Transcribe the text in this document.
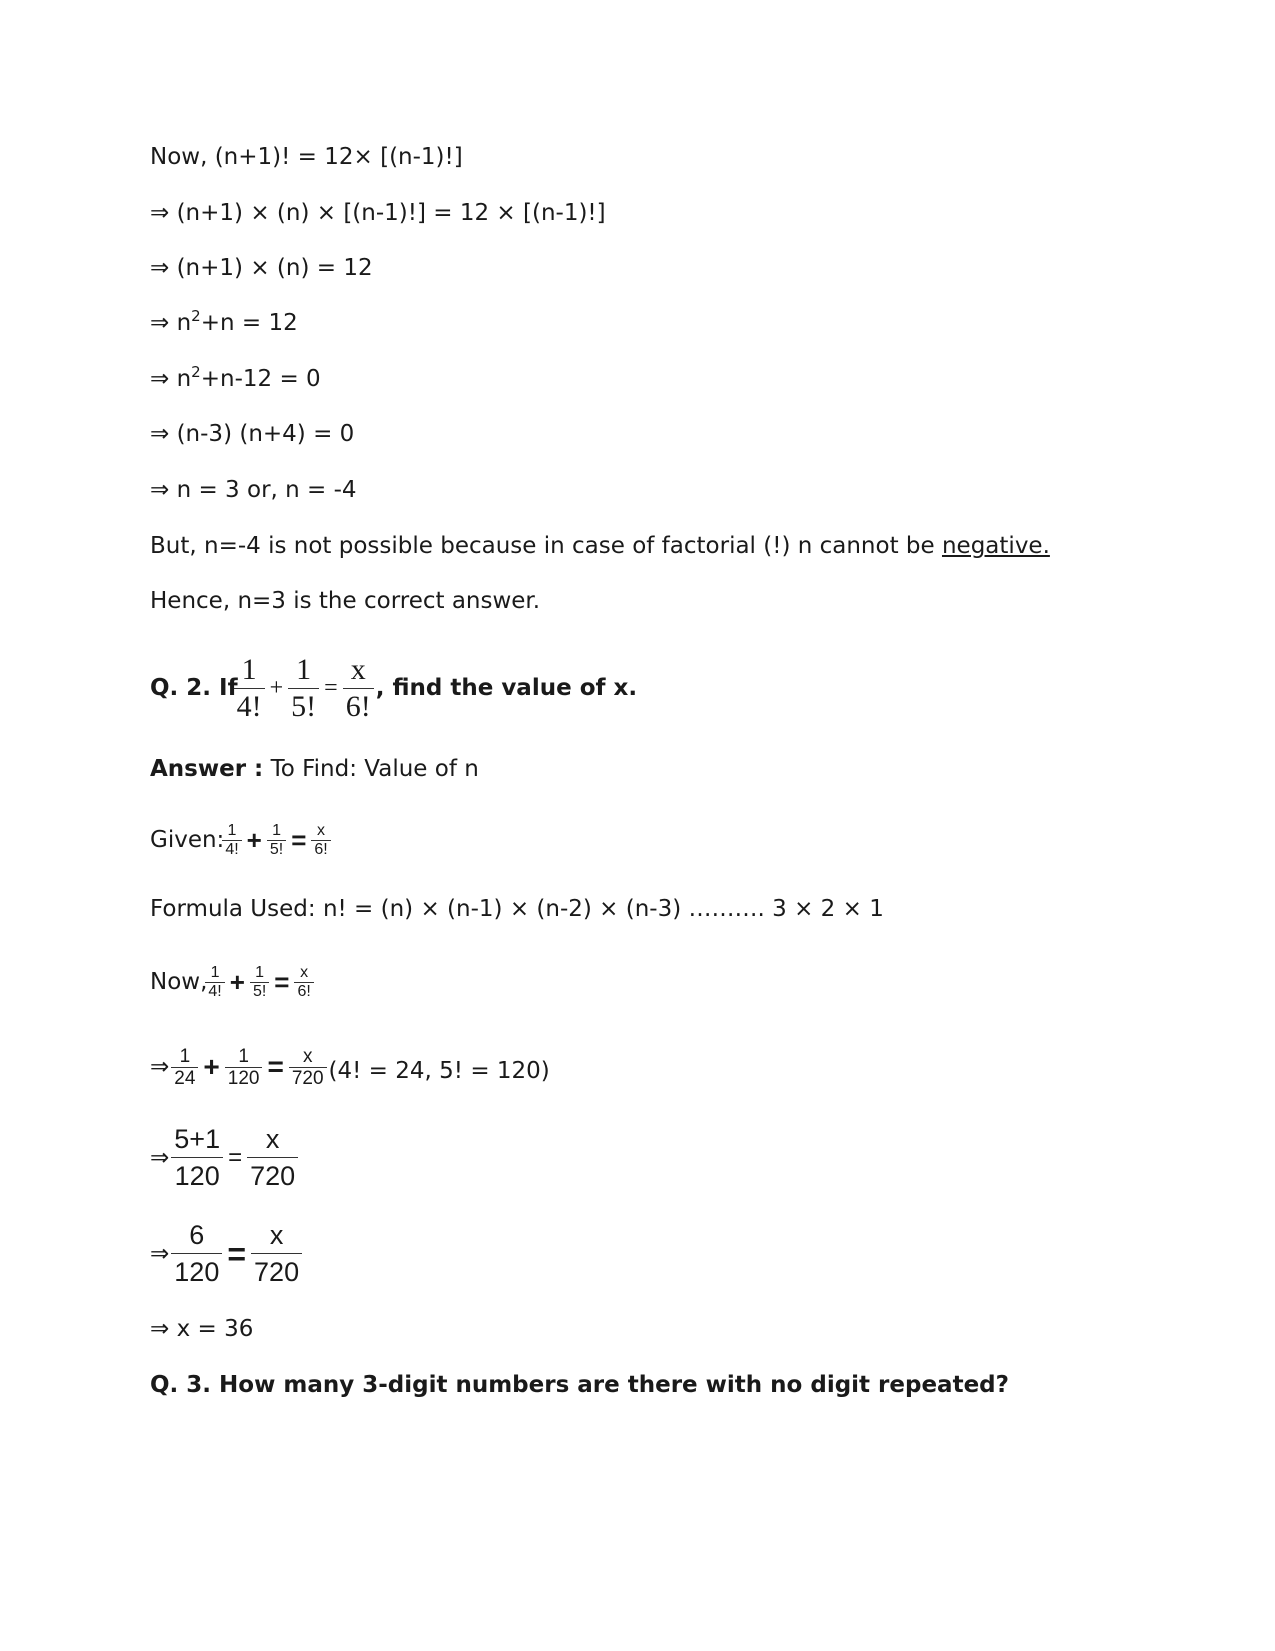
Now, (n+1)! = 12× [(n-1)!]
⇒ (n+1) × (n) × [(n-1)!] = 12 × [(n-1)!]
⇒ (n+1) × (n) = 12
⇒ $n^2+n = 12$
⇒ $n^2+n-12 = 0$
⇒ (n-3) (n+4) = 0
⇒ n = 3 or, n = -4
But, n=-4 is not possible because in case of factorial (!) n cannot be negative.
Hence, n=3 is the correct answer.
Q. 2. If
$\frac{1}{4!} + \frac{1}{5!} = \frac{x}{6!}$ , find the value of x.
Answer : To Find: Value of n
Given:
$\frac{1}{4!} + \frac{1}{5!} = \frac{x}{6!}$
Formula Used: n! = (n) × (n-1) × (n-2) × (n-3) ………. 3 × 2 × 1
Now,
$\frac{1}{4!} + \frac{1}{5!} = \frac{x}{6!}$
⇒ $\frac{1}{24} + \frac{1}{120} = \frac{x}{720} (4$! = 24, 5! = 120)
⇒ $\frac{5+1}{120} = \frac{x}{720}$
⇒ $\frac{6}{120} = \frac{x}{720}$
⇒ x = 36
Q. 3. How many 3-digit numbers are there with no digit repeated?
